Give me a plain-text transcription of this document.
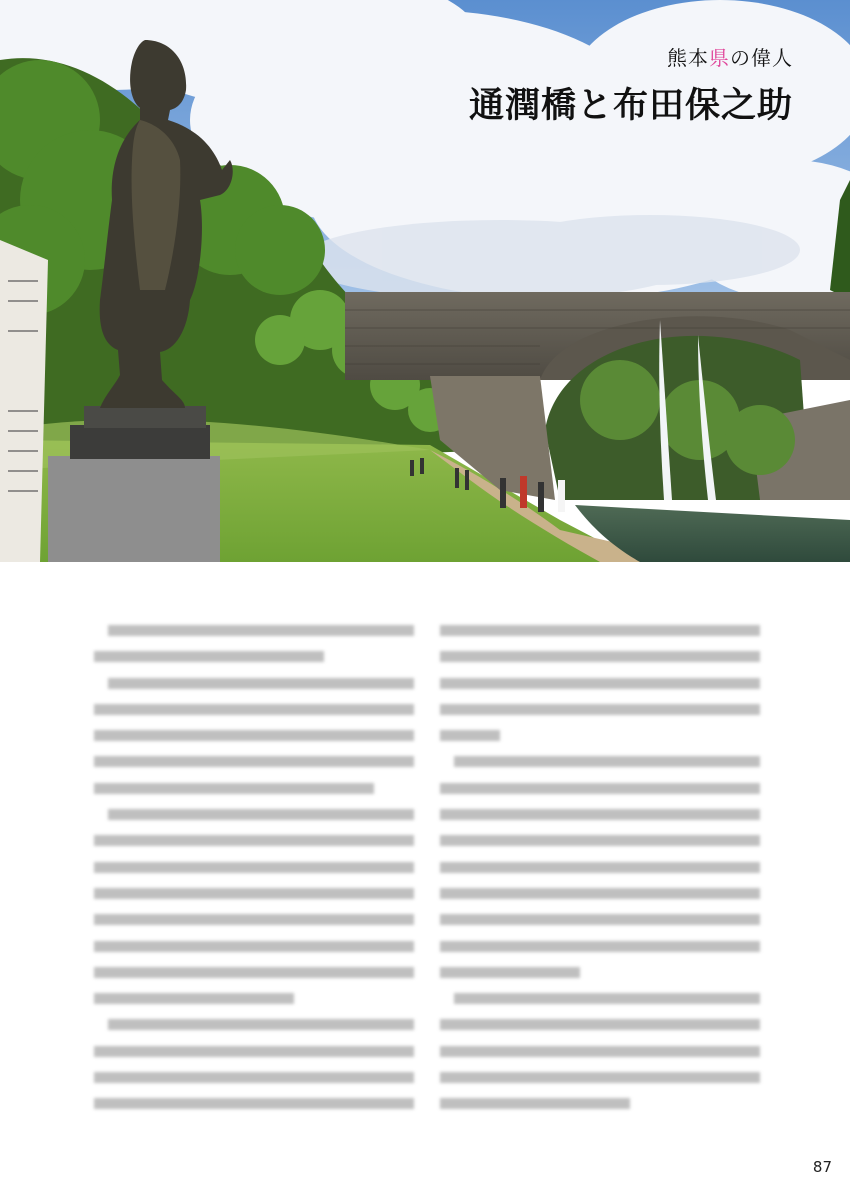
熊本県の偉人
通潤橋と布田保之助
87
